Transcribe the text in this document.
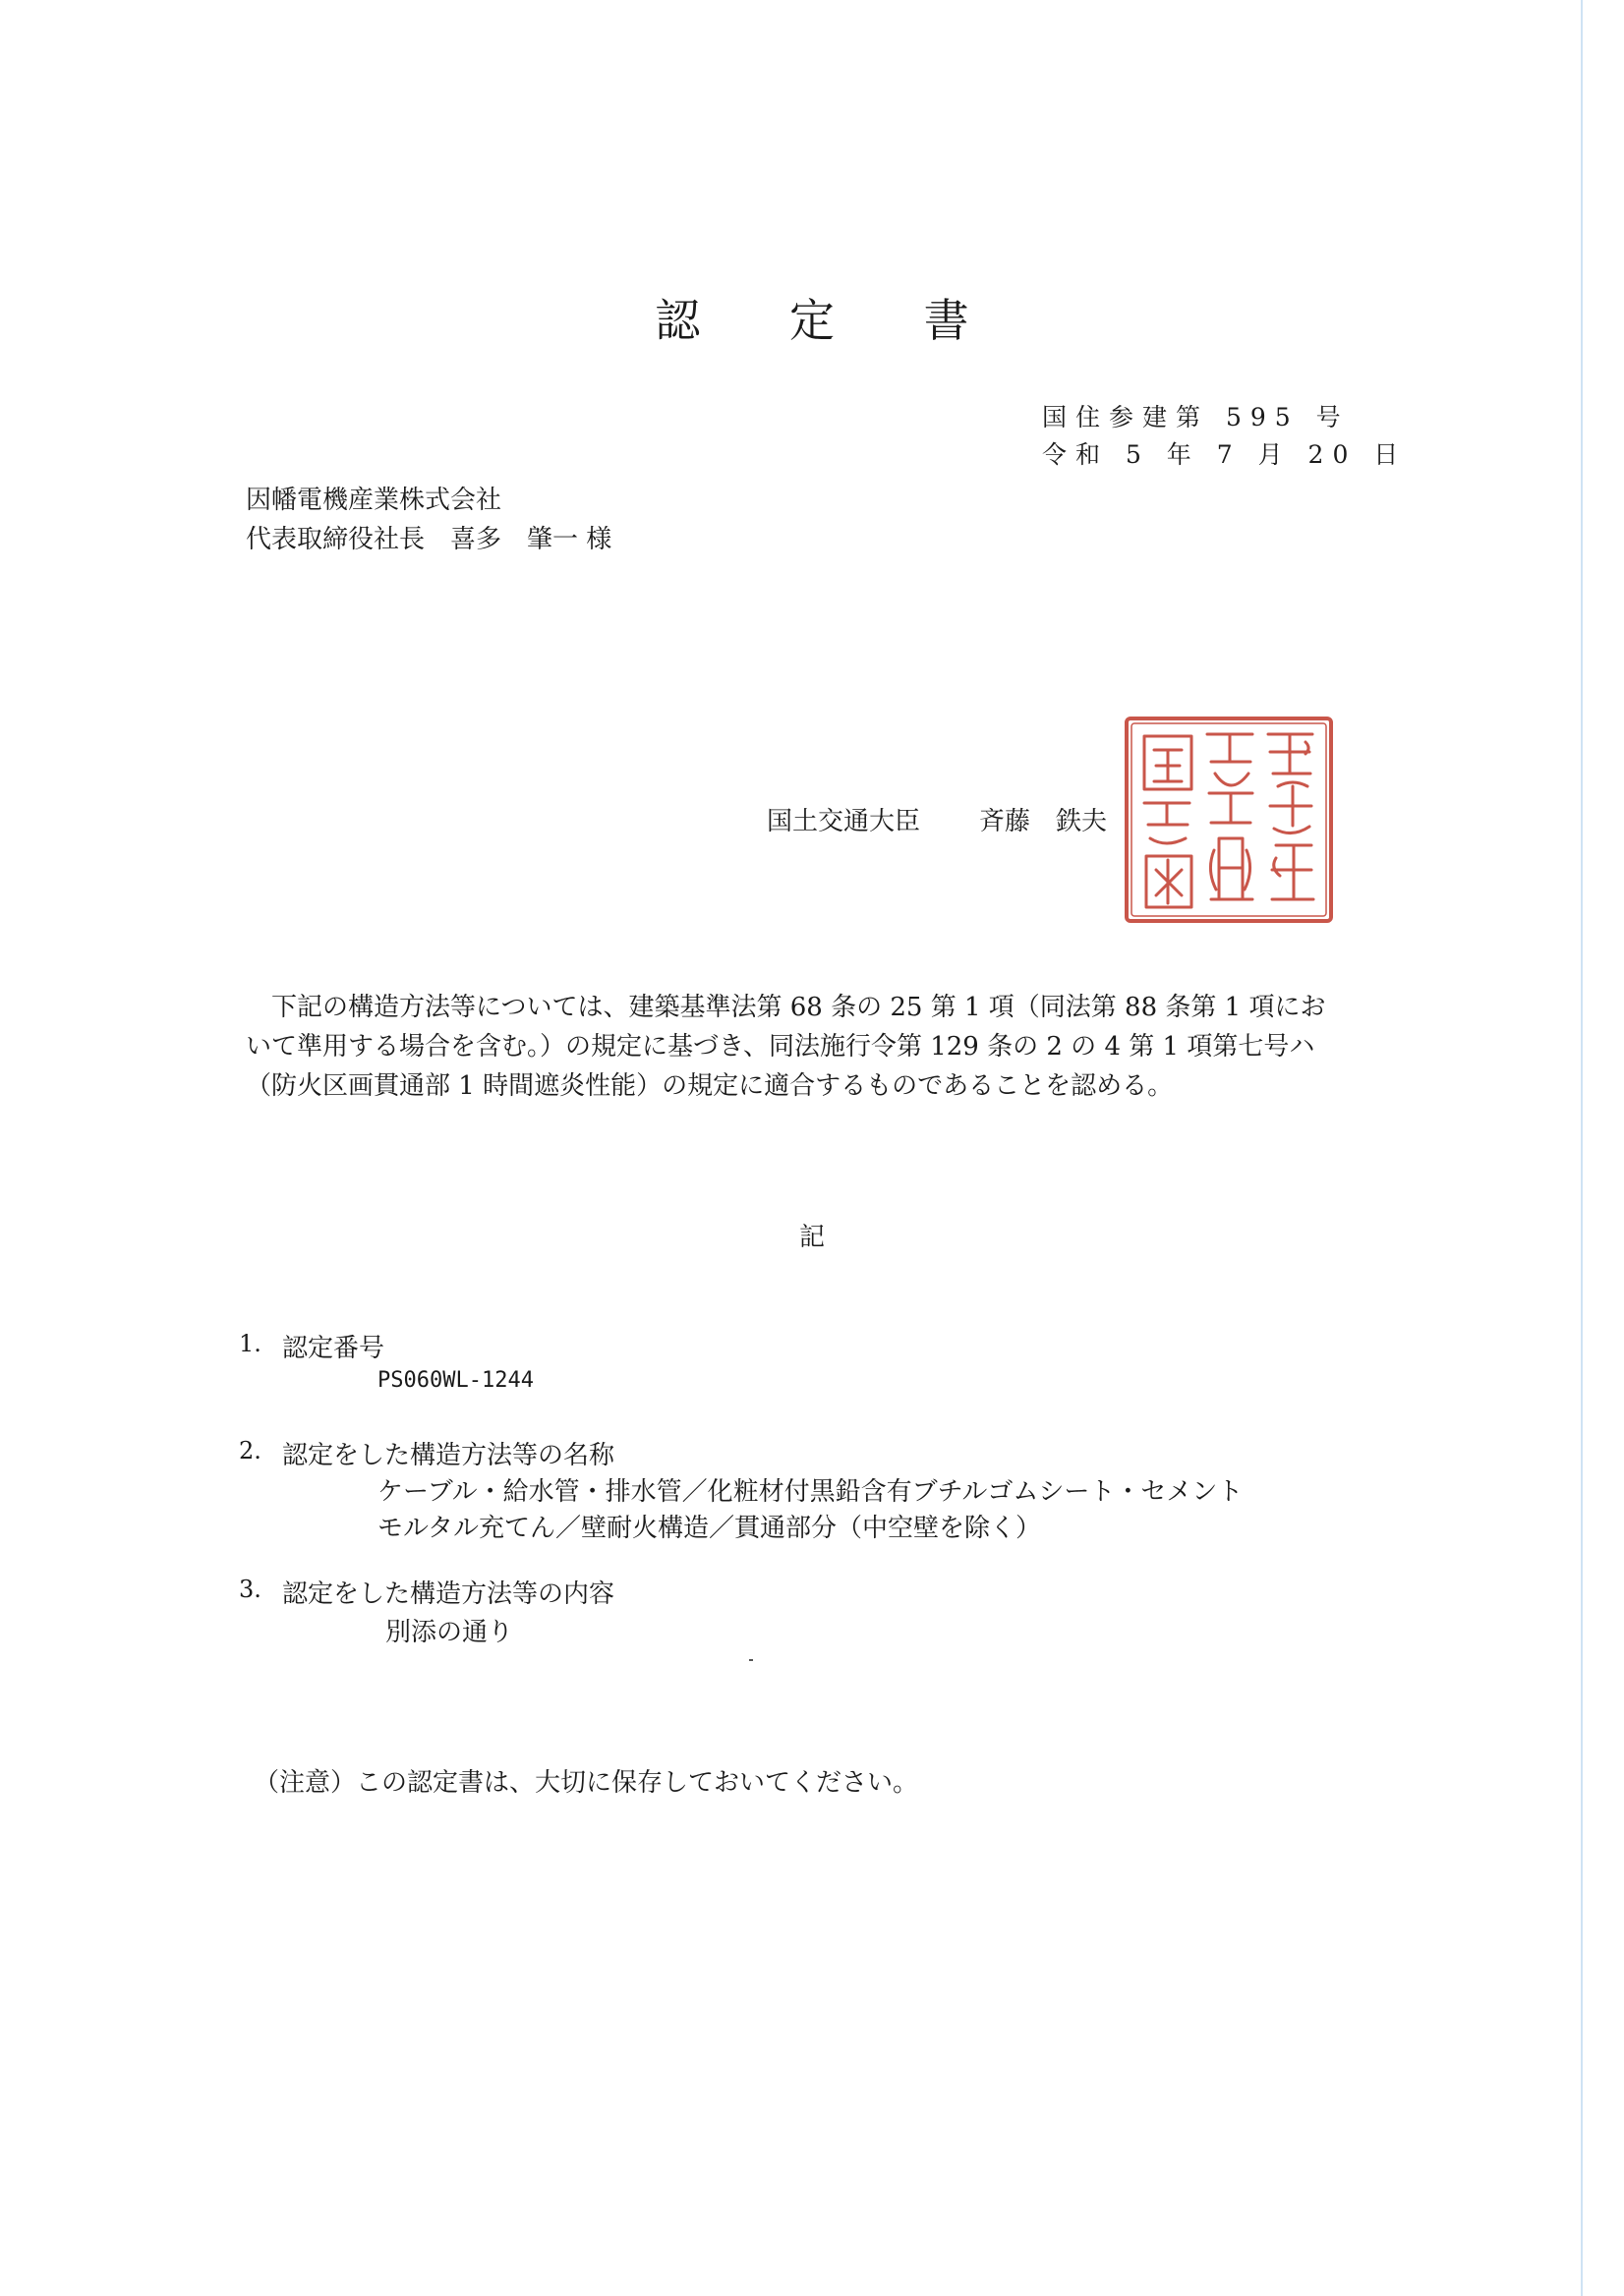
認 定 書
国住参建第 595 号
令和 5 年 7 月 20 日
因幡電機産業株式会社
代表取締役社長　喜多　肇一 様
国土交通大臣 斉藤　鉄夫
　下記の構造方法等については、建築基準法第 68 条の 25 第 1 項（同法第 88 条第 1 項にお
いて準用する場合を含む。）の規定に基づき、同法施行令第 129 条の 2 の 4 第 1 項第七号ハ
（防火区画貫通部 1 時間遮炎性能）の規定に適合するものであることを認める。
記
1. 認定番号
PS060WL-1244
2. 認定をした構造方法等の名称
ケーブル・給水管・排水管／化粧材付黒鉛含有ブチルゴムシート・セメント
モルタル充てん／壁耐火構造／貫通部分（中空壁を除く）
3. 認定をした構造方法等の内容
別添の通り
（注意）この認定書は、大切に保存しておいてください。
